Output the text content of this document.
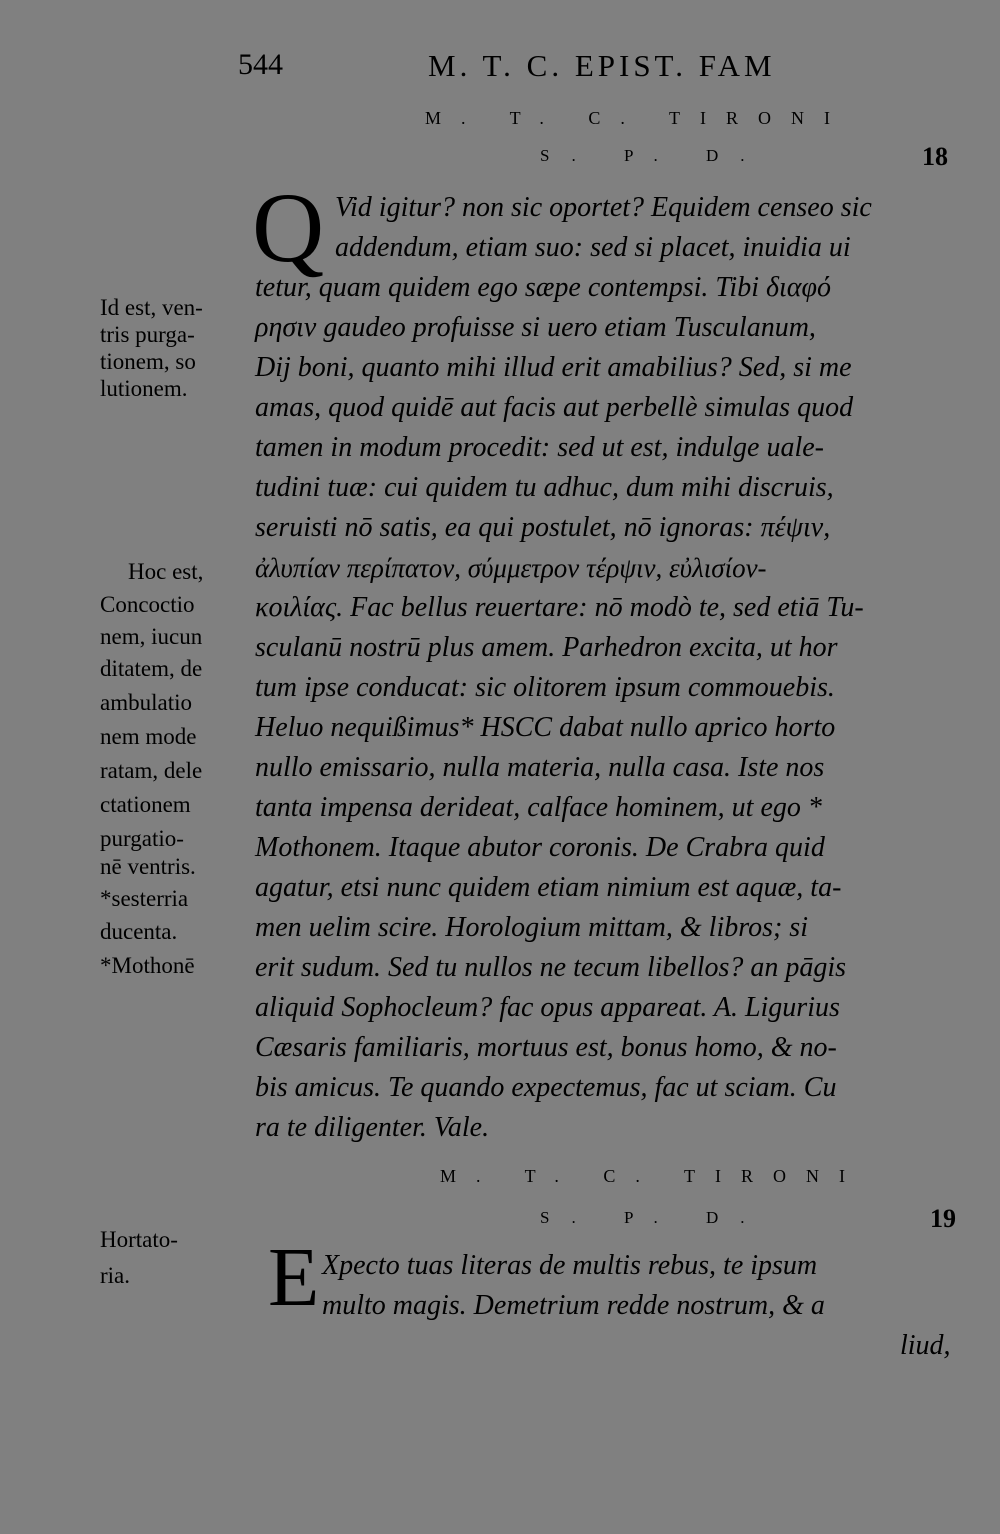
544	M. T. C. EPIST. FAM
M. T. C. TIRONI
S. P. D.	18
Q Vid igitur? non sic oportet? Equidem censeo sic
addendum, etiam suo: sed si placet, inuidia ui
tetur, quam quidem ego sæpe contempsi. Tibi διαφό
ρησιν gaudeo profuisse si uero etiam Tusculanum,
Dij boni, quanto mihi illud erit amabilius? Sed, si me
amas, quod quidē aut facis aut perbellè simulas quod
tamen in modum procedit: sed ut est, indulge uale-
tudini tuæ: cui quidem tu adhuc, dum mihi discruis,
seruisti nō satis, ea qui postulet, nō ignoras: πέψιν,
ἀλυπίαν περίπατον, σύμμετρον τέρψιν, εὐλισίον-
κοιλίας. Fac bellus reuertare: nō modò te, sed etiā Tu-
sculanū nostrū plus amem. Parhedron excita, ut hor
tum ipse conducat: sic olitorem ipsum commouebis.
Heluo nequißimus* HSCC dabat nullo aprico horto
nullo emissario, nulla materia, nulla casa. Iste nos
tanta impensa derideat, calface hominem, ut ego *
Mothonem. Itaque abutor coronis. De Crabra quid
agatur, etsi nunc quidem etiam nimium est aquæ, ta-
men uelim scire. Horologium mittam, & libros; si
erit sudum. Sed tu nullos ne tecum libellos? an pāgis
aliquid Sophocleum? fac opus appareat. A. Ligurius
Cæsaris familiaris, mortuus est, bonus homo, & no-
bis amicus. Te quando expectemus, fac ut sciam. Cu
ra te diligenter. Vale.
M. T. C. TIRONI
S. P. D.	19
E Xpecto tuas literas de multis rebus, te ipsum
multo magis. Demetrium redde nostrum, & a
liud,
Id est, ven-
tris purga-
tionem, so
lutionem.
Hoc est,
Concoctio
nem, iucun
ditatem, de
ambulatio
nem mode
ratam, dele
ctationem
purgatio-
nē ventris.
*sesterria
ducenta.
*Mothonē
Hortato-
ria.
